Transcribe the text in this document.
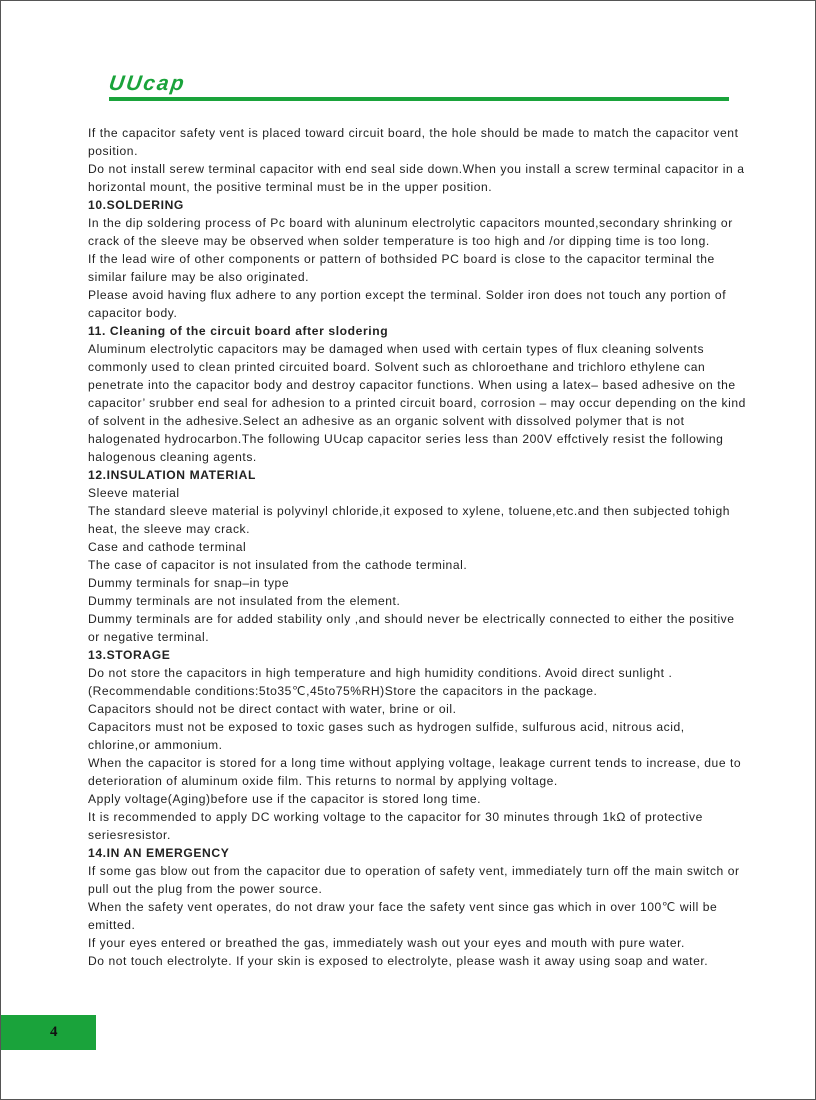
UUcap

If the capacitor safety vent is placed toward circuit board, the hole should be made to match the capacitor vent position.

Do not install serew terminal capacitor with end seal side down.When you install a screw terminal capacitor in a horizontal mount, the positive terminal must be in the upper position.

10.SOLDERING

In the dip soldering process of Pc board with aluninum electrolytic capacitors mounted,secondary shrinking or crack of the sleeve may be observed when solder temperature is too high and /or dipping time is too long.

If the lead wire of other components or pattern of bothsided PC board is close to the capacitor terminal the similar failure may be also originated.

Please avoid having flux adhere to any portion except the terminal. Solder iron does not touch any portion of capacitor body.

11. Cleaning of the circuit board after slodering

Aluminum electrolytic capacitors may be damaged when used with certain types of flux cleaning solvents commonly used to clean printed circuited board. Solvent such as chloroethane and trichloro ethylene can penetrate into the capacitor body and destroy capacitor functions. When using a latex– based adhesive on the capacitor’ srubber end seal for adhesion to a printed circuit board, corrosion – may occur depending on the kind of solvent in the adhesive.Select an adhesive as an organic solvent with dissolved polymer that is not halogenated hydrocarbon.The following UUcap capacitor series less than 200V effctively resist the following halogenous cleaning agents.

12.INSULATION MATERIAL

Sleeve material

The standard sleeve material is polyvinyl chloride,it exposed to xylene, toluene,etc.and then subjected tohigh heat, the sleeve may crack.

Case and cathode terminal

The case of capacitor is not insulated from the cathode terminal.

Dummy terminals for snap–in type

Dummy terminals are not insulated from the element.

Dummy terminals are for added stability only ,and should never be electrically connected to either the positive or negative terminal.

13.STORAGE

Do not store the capacitors in high temperature and high humidity conditions. Avoid direct sunlight . (Recommendable conditions:5to35℃,45to75%RH)Store the capacitors in the package.

Capacitors should not be direct contact with water, brine or oil.

Capacitors must not be exposed to toxic gases such as hydrogen sulfide, sulfurous acid, nitrous acid, chlorine,or ammonium.

When the capacitor is stored for a long time without applying voltage, leakage current tends to increase, due to deterioration of aluminum oxide film. This returns to normal by applying voltage.

Apply voltage(Aging)before use if the capacitor is stored long time.

It is recommended to apply DC working voltage to the capacitor for 30 minutes through 1kΩ of protective seriesresistor.

14.IN AN EMERGENCY

If some gas blow out from the capacitor due to operation of safety vent, immediately turn off the main switch or pull out the plug from the power source.

When the safety vent operates, do not draw your face the safety vent since gas which in over 100℃ will be emitted.

If your eyes entered or breathed the gas, immediately wash out your eyes and mouth with pure water.

Do not touch electrolyte. If your skin is exposed to electrolyte, please wash it away using soap and water.

4
